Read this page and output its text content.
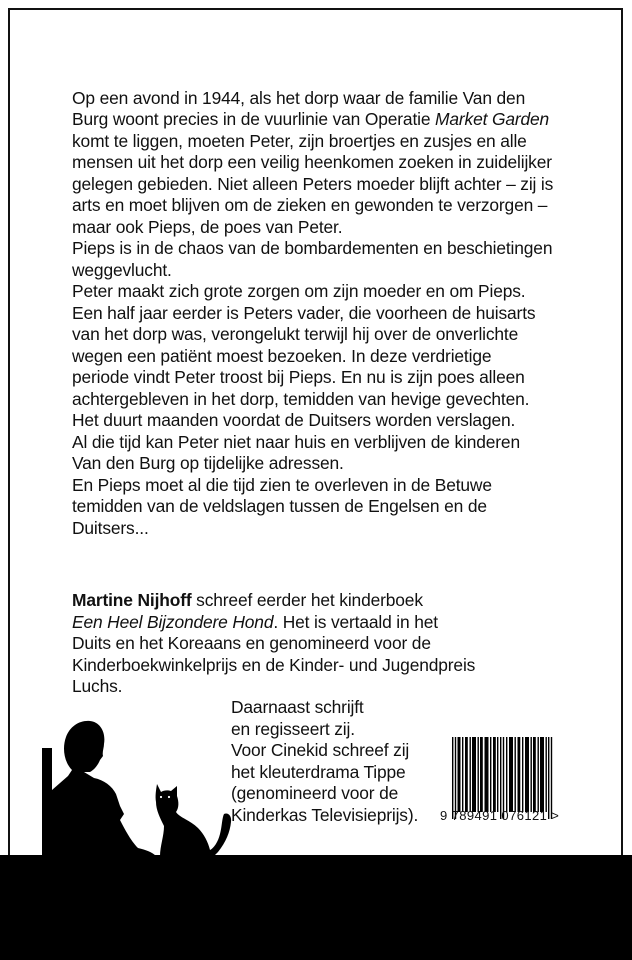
Op een avond in 1944, als het dorp waar de familie Van den
Burg woont precies in de vuurlinie van Operatie Market Garden
komt te liggen, moeten Peter, zijn broertjes en zusjes en alle
mensen uit het dorp een veilig heenkomen zoeken in zuidelijker
gelegen gebieden. Niet alleen Peters moeder blijft achter – zij is
arts en moet blijven om de zieken en gewonden te verzorgen –
maar ook Pieps, de poes van Peter.
Pieps is in de chaos van de bombardementen en beschietingen
weggevlucht.
Peter maakt zich grote zorgen om zijn moeder en om Pieps.
Een half jaar eerder is Peters vader, die voorheen de huisarts
van het dorp was, verongelukt terwijl hij over de onverlichte
wegen een patiënt moest bezoeken. In deze verdrietige
periode vindt Peter troost bij Pieps. En nu is zijn poes alleen
achtergebleven in het dorp, temidden van hevige gevechten.
Het duurt maanden voordat de Duitsers worden verslagen.
Al die tijd kan Peter niet naar huis en verblijven de kinderen
Van den Burg op tijdelijke adressen.
En Pieps moet al die tijd zien te overleven in de Betuwe
temidden van de veldslagen tussen de Engelsen en de
Duitsers...

Martine Nijhoff schreef eerder het kinderboek
Een Heel Bijzondere Hond. Het is vertaald in het
Duits en het Koreaans en genomineerd voor de
Kinderboekwinkelprijs en de Kinder- und Jugendpreis
Luchs.
Daarnaast schrijft
en regisseert zij.
Voor Cinekid schreef zij
het kleuterdrama Tippe
(genomineerd voor de
Kinderkas Televisieprijs).	9 789491 076121 >
